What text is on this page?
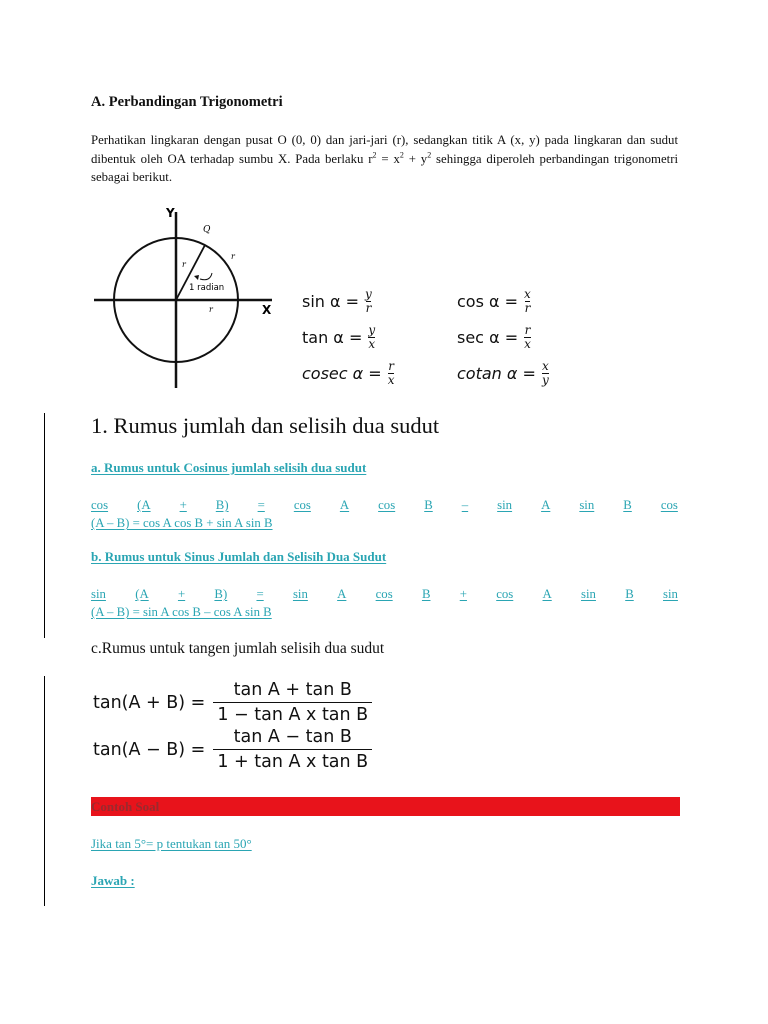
A. Perbandingan Trigonometri
Perhatikan lingkaran dengan pusat O (0, 0) dan jari-jari (r), sedangkan titik A (x, y) pada lingkaran dan sudut dibentuk oleh OA terhadap sumbu X. Pada berlaku $r^2 = x^2 + y^2$ sehingga diperoleh perbandingan trigonometri sebagai berikut.
Y
X
Q
r
r
r
1 radian
$\sin \alpha = \frac{y}{r}$	$\cos \alpha = \frac{x}{r}$
$\tan \alpha = \frac{y}{x}$	$\sec \alpha = \frac{r}{x}$
cosec $\alpha = \frac{r}{x}$	cotan $\alpha = \frac{x}{y}$
1. Rumus jumlah dan selisih dua sudut
a. Rumus untuk Cosinus jumlah selisih dua sudut
cos (A + B) = cos A cos B – sin A sin B cos
(A – B) = cos A cos B + sin A sin B
b. Rumus untuk Sinus Jumlah dan Selisih Dua Sudut
sin (A + B) = sin A cos B + cos A sin B sin
(A – B) = sin A cos B – cos A sin B
c.Rumus untuk tangen jumlah selisih dua sudut
$\tan(A + B) = \frac{\text{tan A + tan B}}{\text{1 − tan A x tan B}}$
$\tan(A - B) = \frac{\text{tan A − tan B}}{\text{1 + tan A x tan B}}$
Contoh Soal
Jika tan 5°= p tentukan tan 50°
Jawab :
